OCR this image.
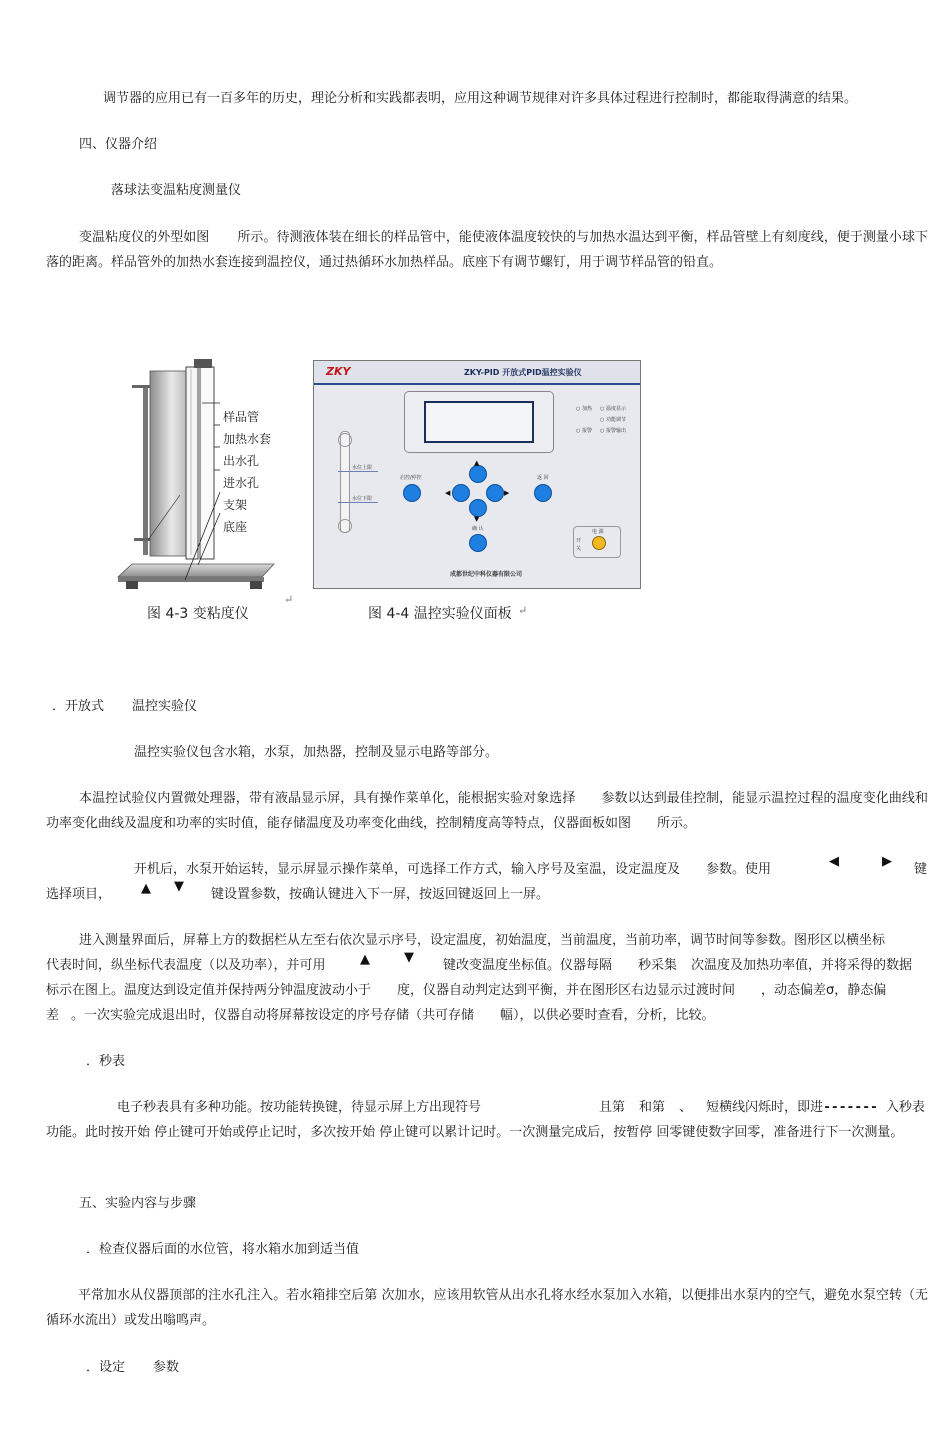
调节器的应用已有一百多年的历史，理论分析和实践都表明，应用这种调节规律对许多具体过程进行控制时，都能取得满意的结果。

四、仪器介绍

落球法变温粘度测量仪

变温粘度仪的外型如图 所示。待测液体装在细长的样品管中，能使液体温度较快的与加热水温达到平衡，样品管壁上有刻度线，便于测量小球下落的距离。样品管外的加热水套连接到温控仪，通过热循环水加热样品。底座下有调节螺钉，用于调节样品管的铅直。

样品管
加热水套
出水孔
进水孔
支架
底座
图 4-3 变粘度仪
↵
ZKY	ZKY-PID 开放式PID温控实验仪
○ 加热
○ 报警
○ 温度显示
○ 功能调节
○ 报警输出
水位上限
水位下限
启控/停控	返 回
▲
▼
◀	▶
确 认	电 源
开
关
成都世纪中科仪器有限公司
图 4-4 温控实验仪面板 ↵

．开放式 温控实验仪

温控实验仪包含水箱，水泵，加热器，控制及显示电路等部分。

本温控试验仪内置微处理器，带有液晶显示屏，具有操作菜单化，能根据实验对象选择 参数以达到最佳控制，能显示温控过程的温度变化曲线和功率变化曲线及温度和功率的实时值，能存储温度及功率变化曲线，控制精度高等特点，仪器面板如图 所示。

开机后，水泵开始运转，显示屏显示操作菜单，可选择工作方式，输入序号及室温，设定温度及 参数。使用

◀	▶

键

选择项目， ▲ ▼

键设置参数，按确认键进入下一屏，按返回键返回上一屏。

进入测量界面后，屏幕上方的数据栏从左至右依次显示序号，设定温度，初始温度，当前温度，当前功率，调节时间等参数。图形区以横坐标

代表时间，纵坐标代表温度（以及功率），并可用	▲	▼

键改变温度坐标值。仪器每隔 秒采集 次温度及加热功率值，并将采得的数据

标示在图上。温度达到设定值并保持两分钟温度波动小于 度，仪器自动判定达到平衡，并在图形区右边显示过渡时间 ，动态偏差σ，静态偏

差 。一次实验完成退出时，仪器自动将屏幕按设定的序号存储（共可存储 幅），以供必要时查看，分析，比较。

．秒表

电子秒表具有多种功能。按功能转换键，待显示屏上方出现符号	且第 和第 、 短横线闪烁时，即进------- 入秒表

功能。此时按开始 停止键可开始或停止记时，多次按开始 停止键可以累计记时。一次测量完成后，按暂停 回零键使数字回零，准备进行下一次测量。

五、实验内容与步骤

．检查仪器后面的水位管，将水箱水加到适当值

平常加水从仪器顶部的注水孔注入。若水箱排空后第 次加水，应该用软管从出水孔将水经水泵加入水箱，以便排出水泵内的空气，避免水泵空转（无循环水流出）或发出嗡鸣声。

．设定 参数
